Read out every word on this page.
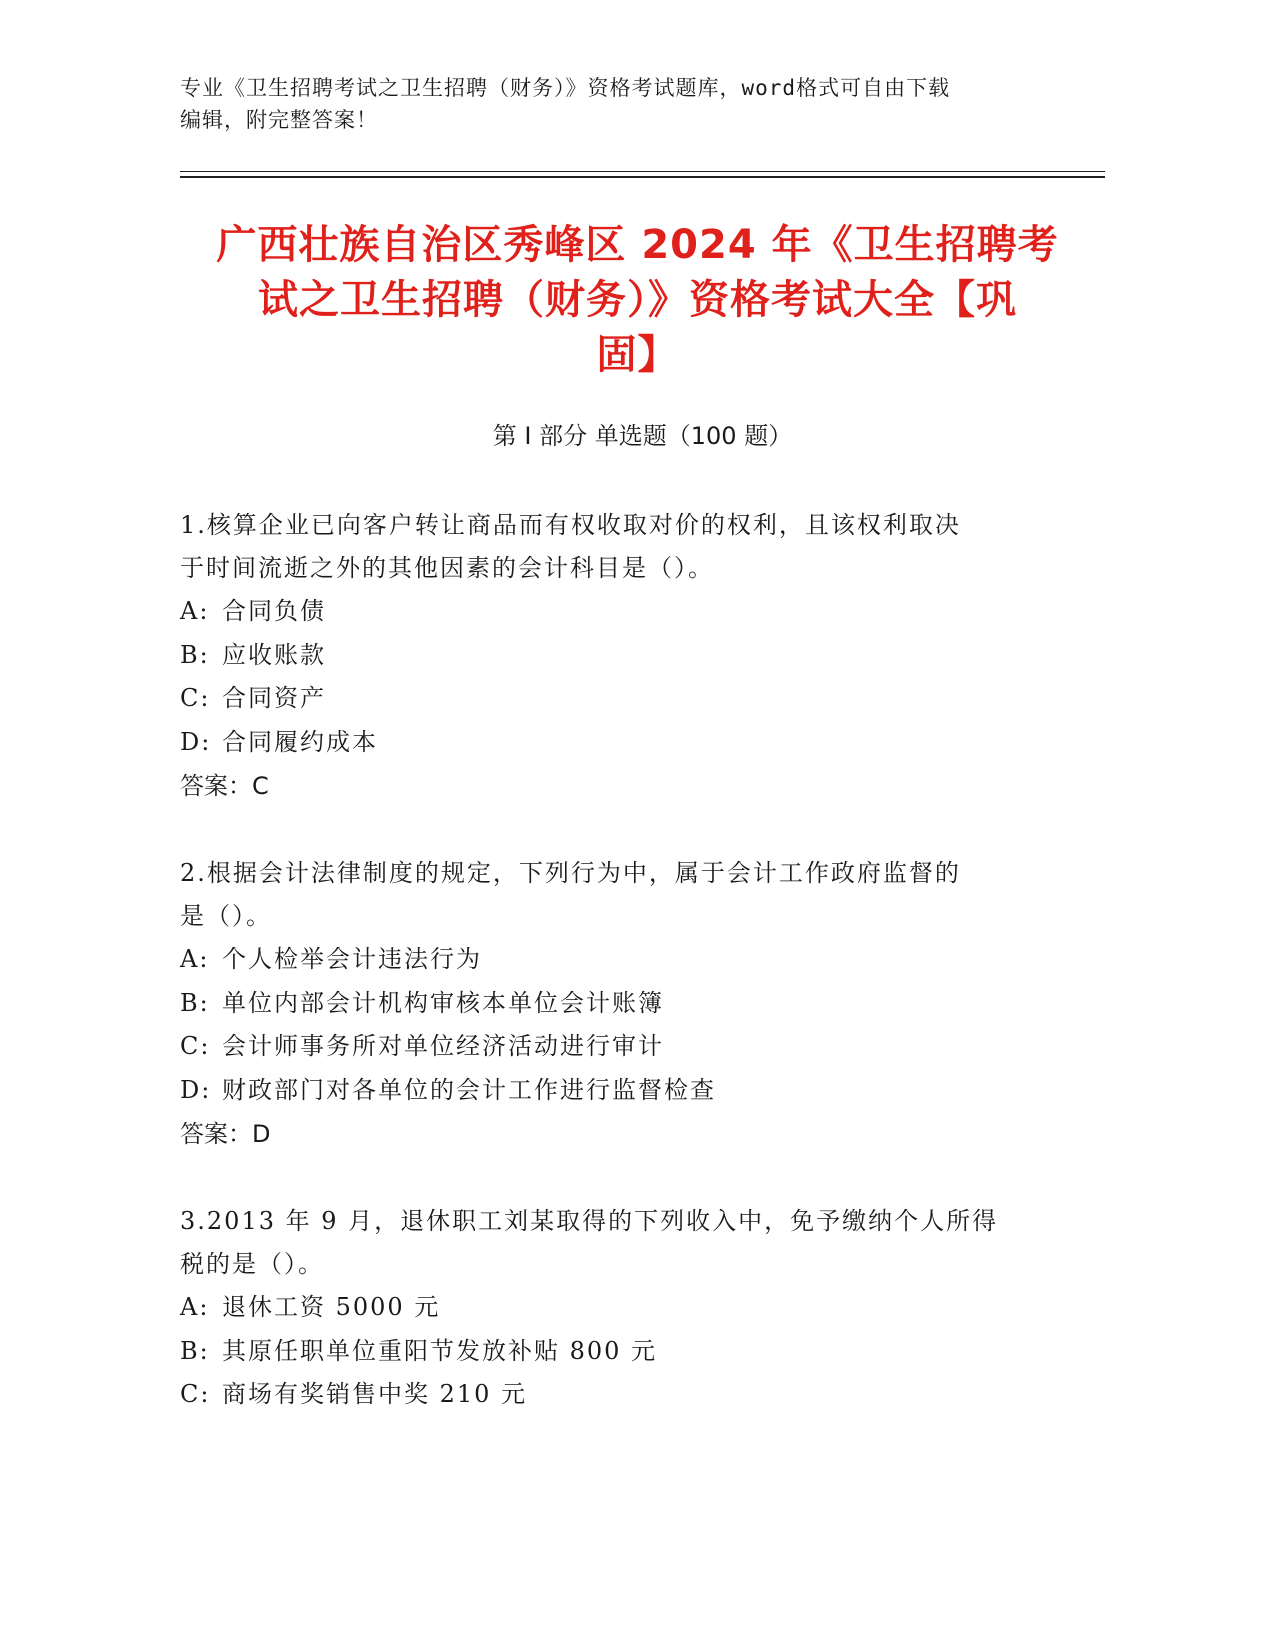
专业《卫生招聘考试之卫生招聘（财务）》资格考试题库，word格式可自由下载
编辑，附完整答案！
广西壮族自治区秀峰区 2024 年《卫生招聘考
试之卫生招聘（财务）》资格考试大全【巩
固】
第 I 部分 单选题（100 题）
1.核算企业已向客户转让商品而有权收取对价的权利，且该权利取决
于时间流逝之外的其他因素的会计科目是（）。
A: 合同负债
B: 应收账款
C: 合同资产
D: 合同履约成本
答案：C
2.根据会计法律制度的规定，下列行为中，属于会计工作政府监督的
是（）。
A: 个人检举会计违法行为
B: 单位内部会计机构审核本单位会计账簿
C: 会计师事务所对单位经济活动进行审计
D: 财政部门对各单位的会计工作进行监督检查
答案：D
3.2013 年 9 月，退休职工刘某取得的下列收入中，免予缴纳个人所得
税的是（）。
A: 退休工资 5000 元
B: 其原任职单位重阳节发放补贴 800 元
C: 商场有奖销售中奖 210 元
